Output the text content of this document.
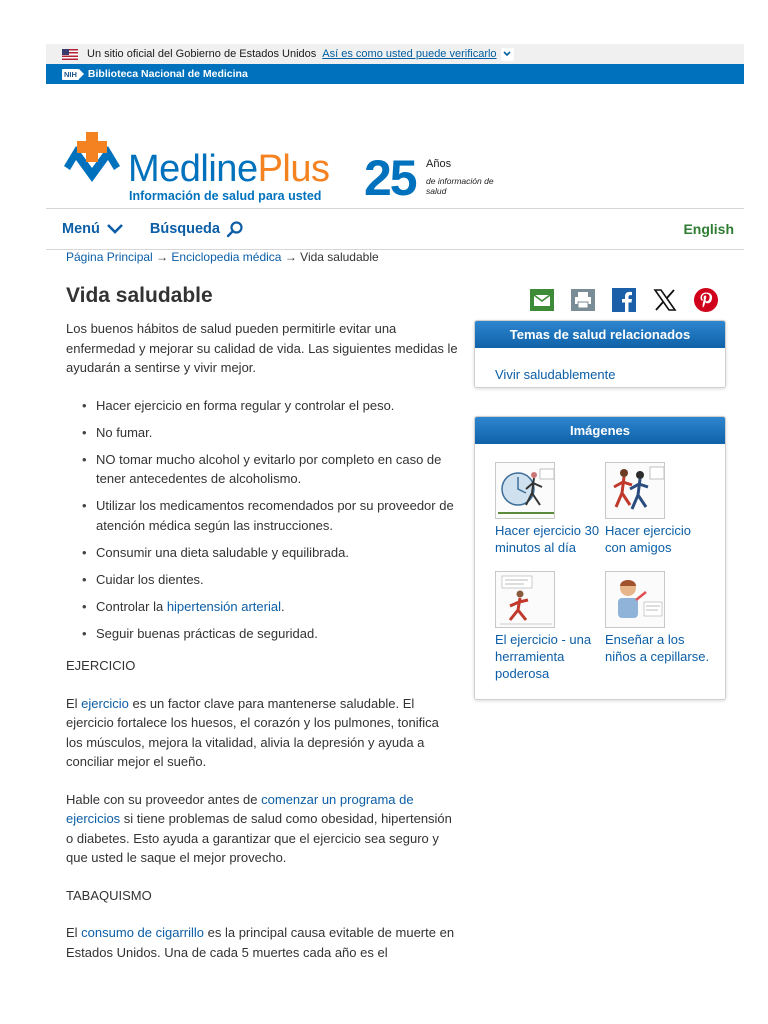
Un sitio oficial del Gobierno de Estados Unidos Así es como usted puede verificarlo
NIH Biblioteca Nacional de Medicina
MedlinePlus
Información de salud para usted 25 Años
de información de salud
Menú	Búsqueda	English
Página Principal → Enciclopedia médica → Vida saludable
Vida saludable

Los buenos hábitos de salud pueden permitirle evitar una enfermedad y mejorar su calidad de vida. Las siguientes medidas le ayudarán a sentirse y vivir mejor.

• Hacer ejercicio en forma regular y controlar el peso.
• No fumar.
• NO tomar mucho alcohol y evitarlo por completo en caso de tener antecedentes de alcoholismo.
• Utilizar los medicamentos recomendados por su proveedor de atención médica según las instrucciones.
• Consumir una dieta saludable y equilibrada.
• Cuidar los dientes.
• Controlar la hipertensión arterial.
• Seguir buenas prácticas de seguridad.
EJERCICIO

El ejercicio es un factor clave para mantenerse saludable. El ejercicio fortalece los huesos, el corazón y los pulmones, tonifica los músculos, mejora la vitalidad, alivia la depresión y ayuda a conciliar mejor el sueño.

Hable con su proveedor antes de comenzar un programa de ejercicios si tiene problemas de salud como obesidad, hipertensión o diabetes. Esto ayuda a garantizar que el ejercicio sea seguro y que usted le saque el mejor provecho.

TABAQUISMO

El consumo de cigarrillo es la principal causa evitable de muerte en Estados Unidos. Una de cada 5 muertes cada año es el

Temas de salud relacionados
Vivir saludablemente
Imágenes
Hacer ejercicio 30 minutos al día
Hacer ejercicio con amigos
El ejercicio - una herramienta poderosa
Enseñar a los niños a cepillarse.
